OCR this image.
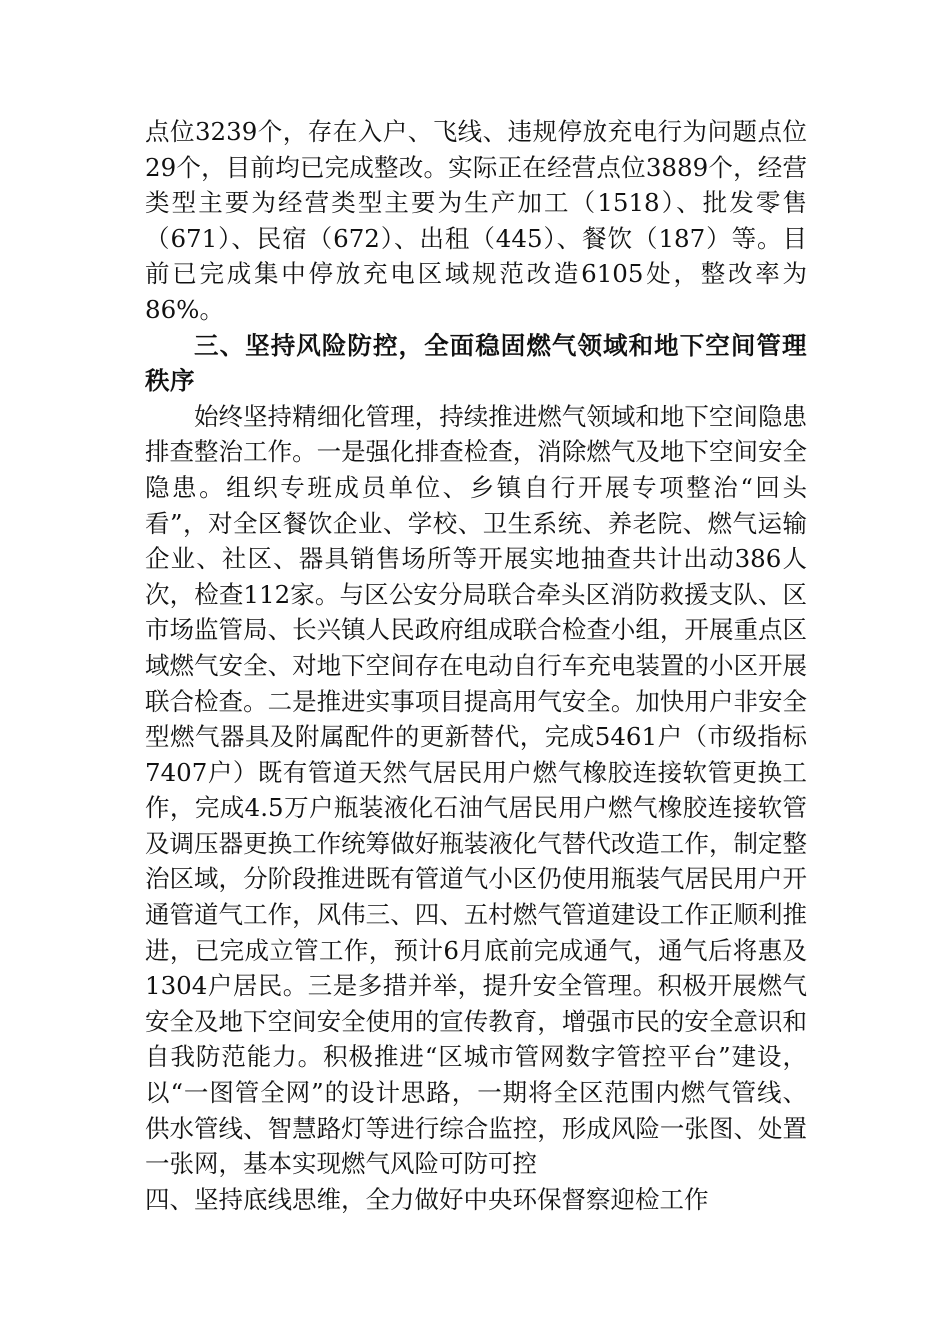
点位3239个，存在入户、飞线、违规停放充电行为问题点位29个，目前均已完成整改。实际正在经营点位3889个，经营类型主要为经营类型主要为生产加工（1518）、批发零售（671）、民宿（672）、出租（445）、餐饮（187）等。目前已完成集中停放充电区域规范改造6105处，整改率为86%。

三、坚持风险防控，全面稳固燃气领域和地下空间管理秩序

始终坚持精细化管理，持续推进燃气领域和地下空间隐患排查整治工作。一是强化排查检查，消除燃气及地下空间安全隐患。组织专班成员单位、乡镇自行开展专项整治“回头看”，对全区餐饮企业、学校、卫生系统、养老院、燃气运输企业、社区、器具销售场所等开展实地抽查共计出动386人次，检查112家。与区公安分局联合牵头区消防救援支队、区市场监管局、长兴镇人民政府组成联合检查小组，开展重点区域燃气安全、对地下空间存在电动自行车充电装置的小区开展联合检查。二是推进实事项目提高用气安全。加快用户非安全型燃气器具及附属配件的更新替代，完成5461户（市级指标7407户）既有管道天然气居民用户燃气橡胶连接软管更换工作，完成4.5万户瓶装液化石油气居民用户燃气橡胶连接软管及调压器更换工作统筹做好瓶装液化气替代改造工作，制定整治区域，分阶段推进既有管道气小区仍使用瓶装气居民用户开通管道气工作，风伟三、四、五村燃气管道建设工作正顺利推进，已完成立管工作，预计6月底前完成通气，通气后将惠及1304户居民。三是多措并举，提升安全管理。积极开展燃气安全及地下空间安全使用的宣传教育，增强市民的安全意识和自我防范能力。积极推进“区城市管网数字管控平台”建设，以“一图管全网”的设计思路，一期将全区范围内燃气管线、供水管线、智慧路灯等进行综合监控，形成风险一张图、处置一张网，基本实现燃气风险可防可控

四、坚持底线思维，全力做好中央环保督察迎检工作
